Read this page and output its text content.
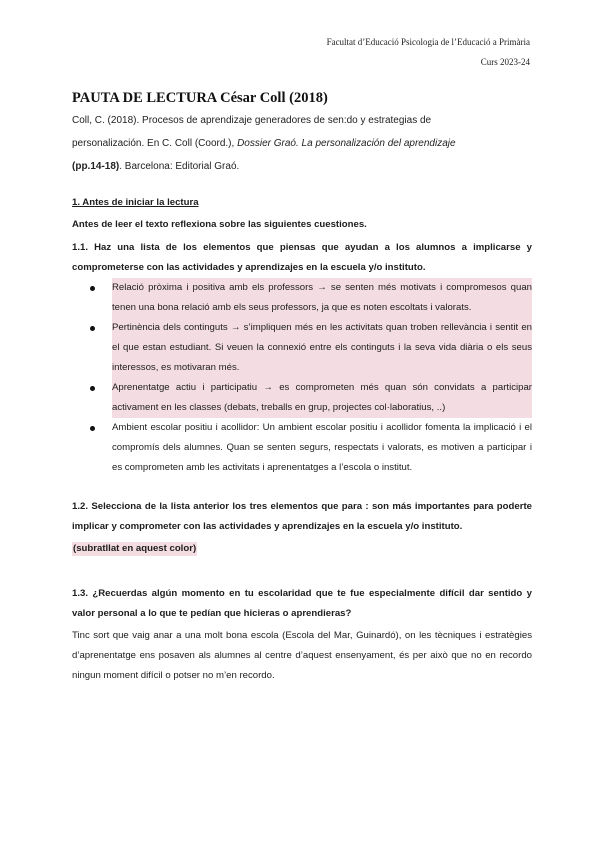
Facultat d’Educació Psicologia de l’Educació a Primària
Curs 2023-24
PAUTA DE LECTURA César Coll (2018)
Coll, C. (2018). Procesos de aprendizaje generadores de sen:do y estrategias de
personalización. En C. Coll (Coord.), Dossier Graó. La personalización del aprendizaje
(pp.14-18). Barcelona: Editorial Graó.
1. Antes de iniciar la lectura
Antes de leer el texto reflexiona sobre las siguientes cuestiones.
1.1. Haz una lista de los elementos que piensas que ayudan a los alumnos a implicarse y comprometerse con las actividades y aprendizajes en la escuela y/o instituto.
Relació pròxima i positiva amb els professors → se senten més motivats i compromesos quan tenen una bona relació amb els seus professors, ja que es noten escoltats i valorats.
Pertinència dels continguts → s’impliquen més en les activitats quan troben rellevància i sentit en el que estan estudiant. Si veuen la connexió entre els continguts i la seva vida diària o els seus interessos, es motivaran més.
Aprenentatge actiu i participatiu → es comprometen més quan són convidats a participar activament en les classes (debats, treballs en grup, projectes col·laboratius, ..)
Ambient escolar positiu i acollidor: Un ambient escolar positiu i acollidor fomenta la implicació i el compromís dels alumnes. Quan se senten segurs, respectats i valorats, es motiven a participar i es comprometen amb les activitats i aprenentatges a l’escola o institut.
1.2. Selecciona de la lista anterior los tres elementos que para : son más importantes para poderte implicar y comprometer con las actividades y aprendizajes en la escuela y/o instituto.
(subratllat en aquest color)
1.3. ¿Recuerdas algún momento en tu escolaridad que te fue especialmente difícil dar sentido y valor personal a lo que te pedían que hicieras o aprendieras?
Tinc sort que vaig anar a una molt bona escola (Escola del Mar, Guinardó), on les tècniques i estratègies d’aprenentatge ens posaven als alumnes al centre d’aquest ensenyament, és per això que no en recordo ningun moment difícil o potser no m’en recordo.
